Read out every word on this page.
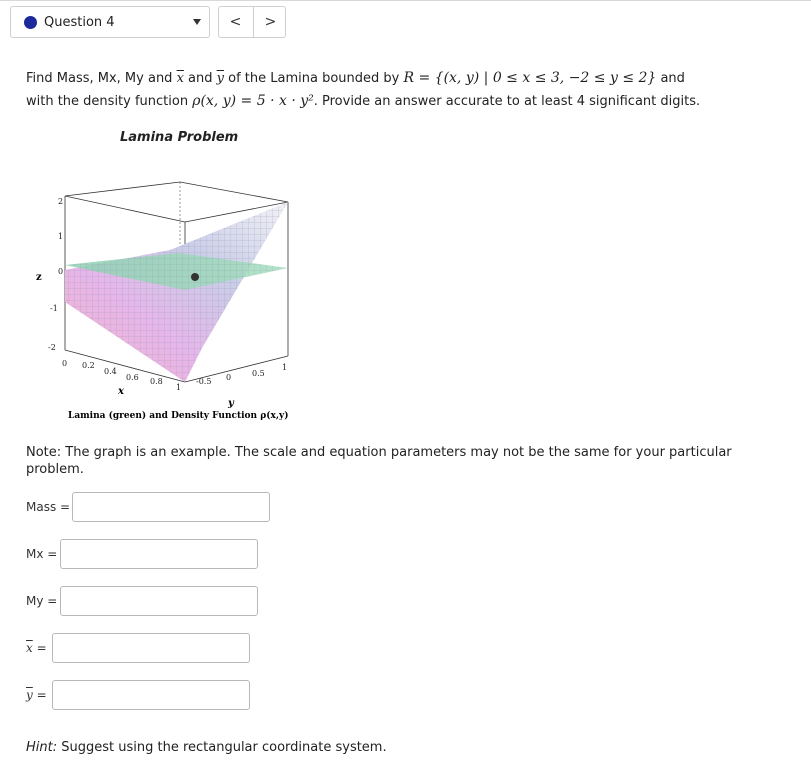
Question 4	<	>
Find Mass, Mx, My and $\overline{x}$ and $\overline{y}$ of the Lamina bounded by R = {(x, y) | 0 ≤ x ≤ 3, −2 ≤ y ≤ 2} and
with the density function ρ(x, y) = 5 · x · y². Provide an answer accurate to at least 4 significant digits.
Lamina Problem
z
2
1
0
-1
-2
0 0.2
0.4
0.6 0.8
1
-0.5 0	0.5
1
x
y
Lamina (green) and Density Function ρ(x,y)
Note: The graph is an example. The scale and equation parameters may not be the same for your particular problem.
Mass =
Mx =
My =
$\overline{x}$ =
$\overline{y}$ =
Hint: Suggest using the rectangular coordinate system.
